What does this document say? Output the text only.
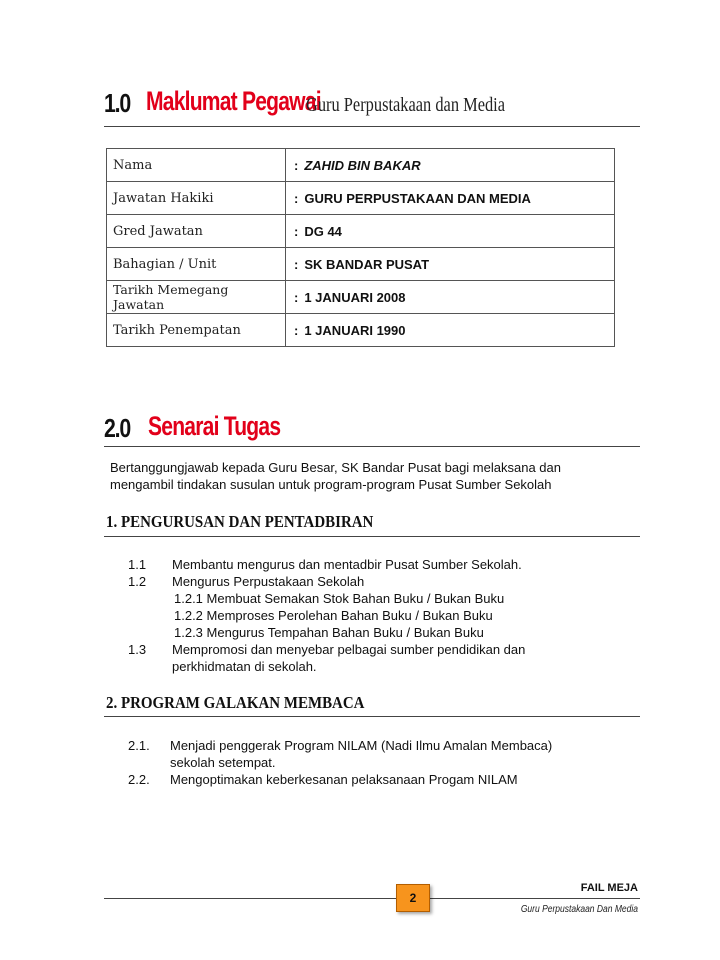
1.0 Maklumat Pegawai
Guru Perpustakaan dan Media
Nama	: ZAHID BIN BAKAR
Jawatan Hakiki	: GURU PERPUSTAKAAN DAN MEDIA
Gred Jawatan	: DG 44
Bahagian / Unit	: SK BANDAR PUSAT
Tarikh Memegang Jawatan	: 1 JANUARI 2008
Tarikh Penempatan	: 1 JANUARI 1990
2.0 Senarai Tugas
Bertanggungjawab kepada Guru Besar, SK Bandar Pusat bagi melaksana dan
mengambil tindakan susulan untuk program-program Pusat Sumber Sekolah
1. PENGURUSAN DAN PENTADBIRAN
1.1 Membantu mengurus dan mentadbir Pusat Sumber Sekolah.
1.2 Mengurus Perpustakaan Sekolah
1.2.1 Membuat Semakan Stok Bahan Buku / Bukan Buku
1.2.2 Memproses Perolehan Bahan Buku / Bukan Buku
1.2.3 Mengurus Tempahan Bahan Buku / Bukan Buku
1.3 Mempromosi dan menyebar pelbagai sumber pendidikan dan
perkhidmatan di sekolah.
2. PROGRAM GALAKAN MEMBACA
2.1. Menjadi penggerak Program NILAM (Nadi Ilmu Amalan Membaca)
sekolah setempat.
2.2. Mengoptimakan keberkesanan pelaksanaan Progam NILAM
2
FAIL MEJA
Guru Perpustakaan Dan Media
